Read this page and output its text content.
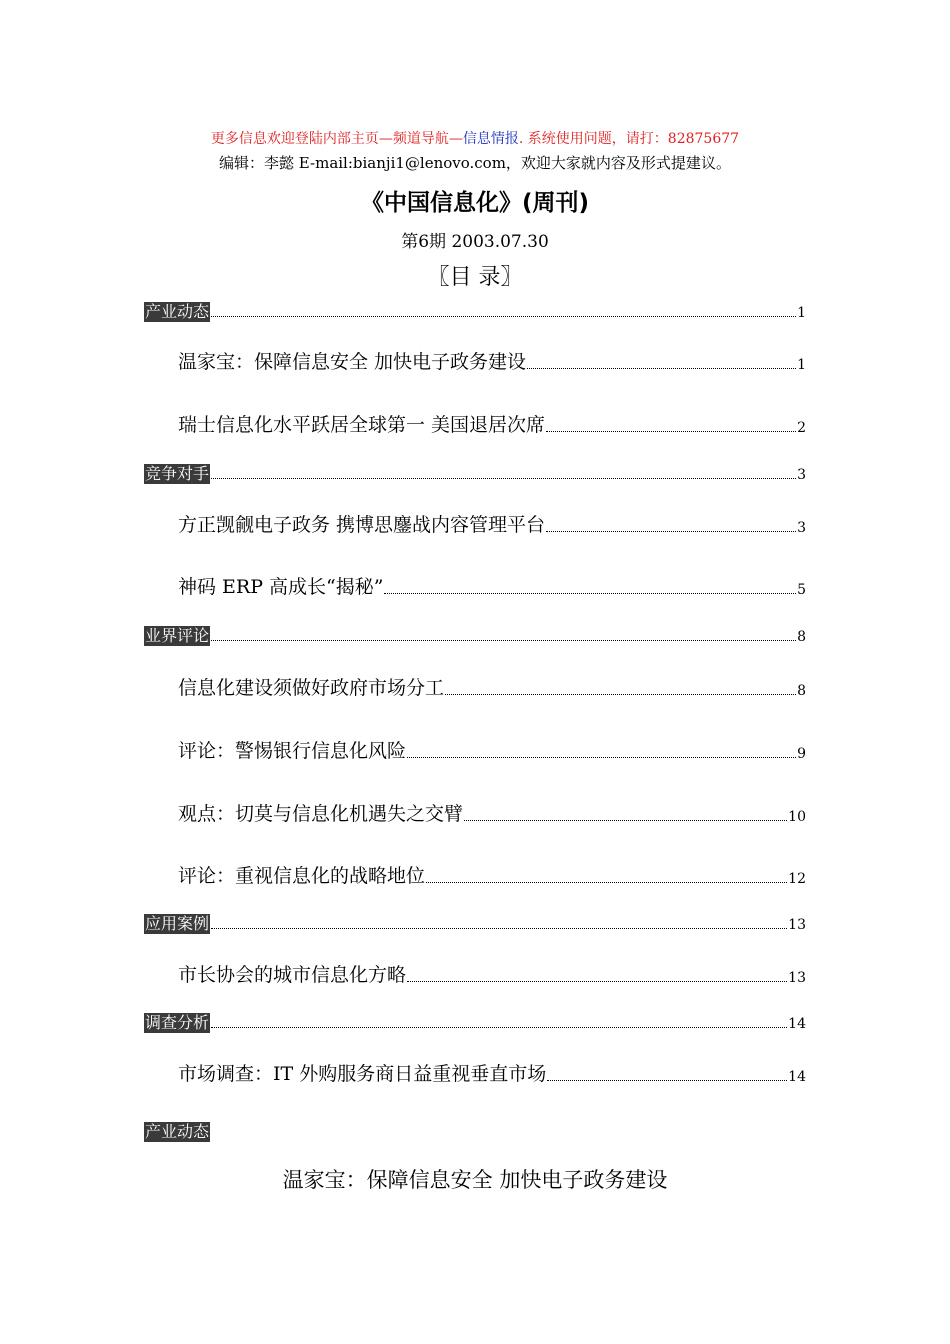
更多信息欢迎登陆内部主页—频道导航—信息情报. 系统使用问题，请打：82875677
编辑：李懿 E-mail:bianji1@lenovo.com，欢迎大家就内容及形式提建议。
《中国信息化》(周刊)
第6期 2003.07.30
〖目 录〗
产业动态	1
温家宝：保障信息安全 加快电子政务建设	1
瑞士信息化水平跃居全球第一 美国退居次席	2
竞争对手	3
方正觊觎电子政务 携博思鏖战内容管理平台	3
神码 ERP 高成长“揭秘”	5
业界评论	8
信息化建设须做好政府市场分工	8
评论：警惕银行信息化风险	9
观点：切莫与信息化机遇失之交臂	10
评论：重视信息化的战略地位	12
应用案例	13
市长协会的城市信息化方略	13
调查分析	14
市场调查：IT 外购服务商日益重视垂直市场	14
产业动态
温家宝：保障信息安全 加快电子政务建设
